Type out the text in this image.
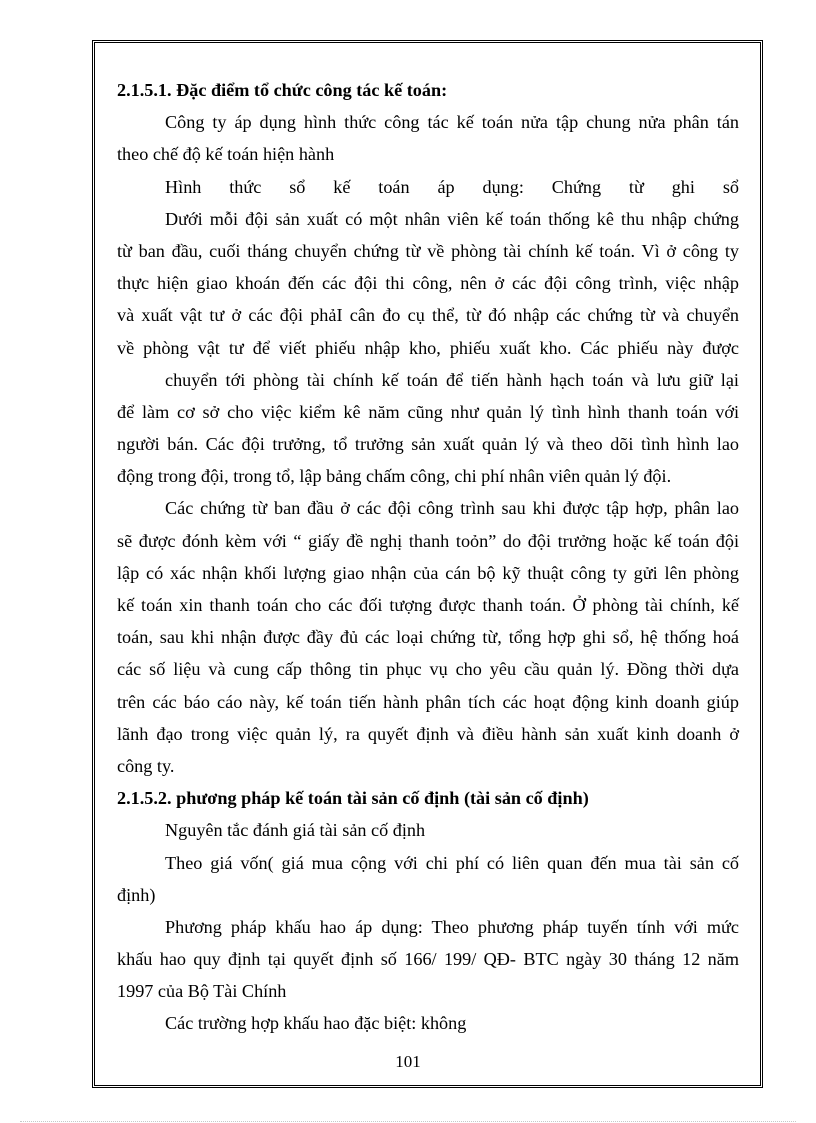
2.1.5.1. Đặc điểm tổ chức công tác kế toán:
Công ty áp dụng hình thức công tác kế toán nửa tập chung nửa phân tán
theo chế độ kế toán hiện hành
Hình thức sổ kế toán áp dụng: Chứng từ ghi sổ
Dưới mỗi đội sản xuất có một nhân viên kế toán thống kê thu nhập chứng
từ ban đầu, cuối tháng chuyển chứng từ về phòng tài chính kế toán. Vì ở công ty
thực hiện giao khoán đến các đội thi công, nên ở các đội công trình, việc nhập
và xuất vật tư ở các đội phảI cân đo cụ thể, từ đó nhập các chứng từ và chuyển
về phòng vật tư để viết phiếu nhập kho, phiếu xuất kho. Các phiếu này được
chuyển tới phòng tài chính kế toán để tiến hành hạch toán và lưu giữ lại
để làm cơ sở cho việc kiểm kê năm cũng như quản lý tình hình thanh toán với
người bán. Các đội trưởng, tổ trưởng sản xuất quản lý và theo dõi tình hình lao
động trong đội, trong tổ, lập bảng chấm công, chi phí nhân viên quản lý đội.
Các chứng từ ban đầu ở các đội công trình sau khi được tập hợp, phân lao
sẽ được đónh kèm với “ giấy đề nghị thanh toỏn” do đội trưởng hoặc kế toán đội
lập có xác nhận khối lượng giao nhận của cán bộ kỹ thuật công ty gửi lên phòng
kế toán xin thanh toán cho các đối tượng được thanh toán. Ở phòng tài chính, kế
toán, sau khi nhận được đầy đủ các loại chứng từ, tổng hợp ghi sổ, hệ thống hoá
các số liệu và cung cấp thông tin phục vụ cho yêu cầu quản lý. Đồng thời dựa
trên các báo cáo này, kế toán tiến hành phân tích các hoạt động kinh doanh giúp
lãnh đạo trong việc quản lý, ra quyết định và điều hành sản xuất kinh doanh ở
công ty.
2.1.5.2. phương pháp kế toán tài sản cố định (tài sản cố định)
Nguyên tắc đánh giá tài sản cố định
Theo giá vốn( giá mua cộng với chi phí có liên quan đến mua tài sản cố
định)
Phương pháp khấu hao áp dụng: Theo phương pháp tuyến tính với mức
khấu hao quy định tại quyết định số 166/ 199/ QĐ- BTC ngày 30 tháng 12 năm
1997 của Bộ Tài Chính
Các trường hợp khấu hao đặc biệt: không
101
